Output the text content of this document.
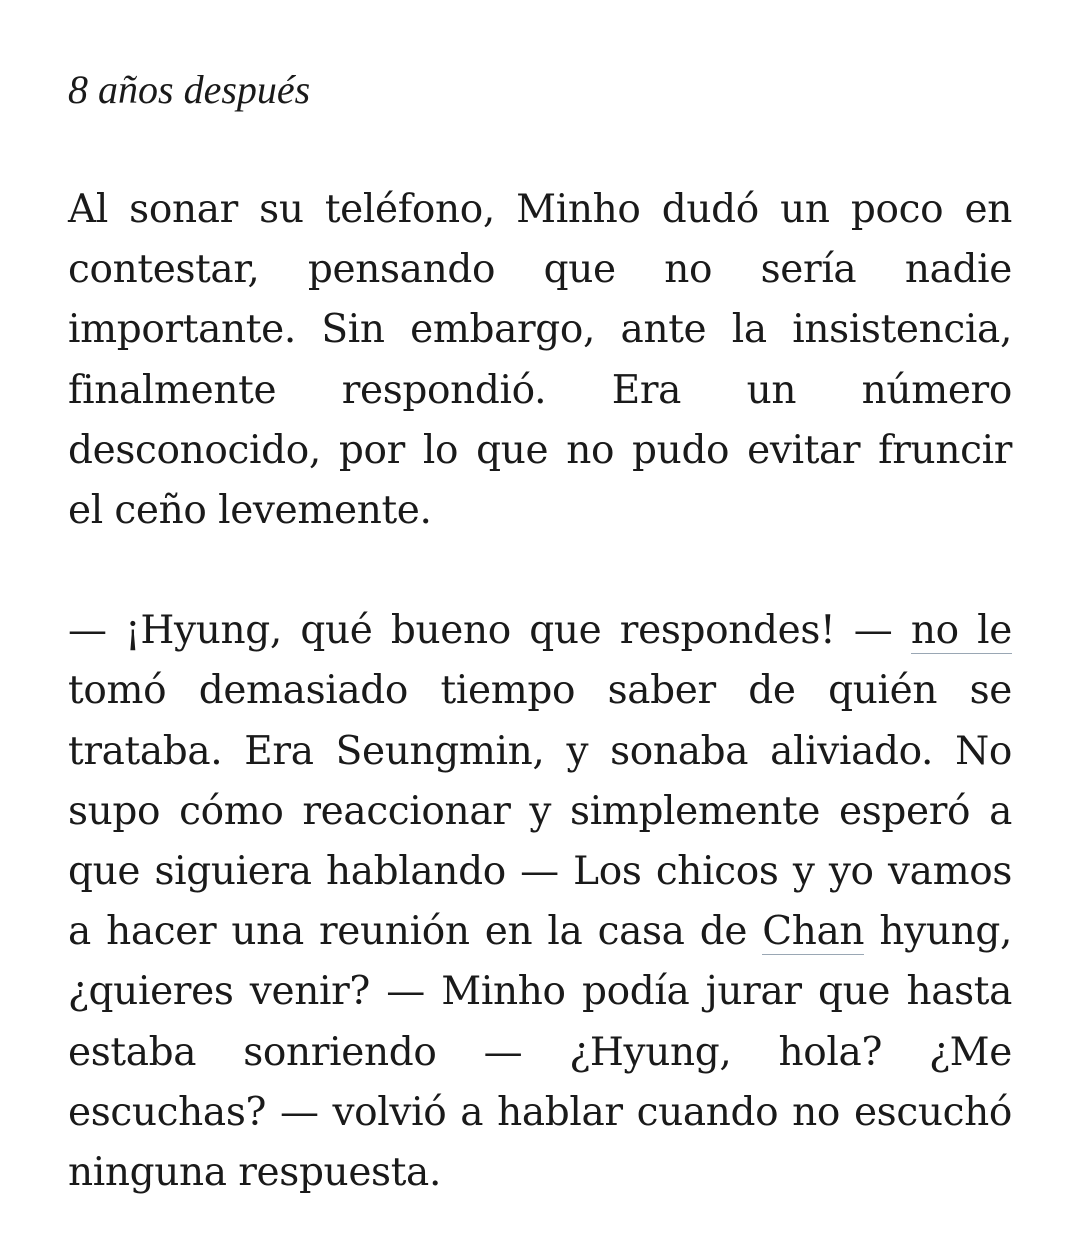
8 años después

Al sonar su teléfono, Minho dudó un poco en contestar, pensando que no sería nadie importante. Sin embargo, ante la insistencia, finalmente respondió. Era un número desconocido, por lo que no pudo evitar fruncir el ceño levemente.

— ¡Hyung, qué bueno que respondes! — no le tomó demasiado tiempo saber de quién se trataba. Era Seungmin, y sonaba aliviado. No supo cómo reaccionar y simplemente esperó a que siguiera hablando — Los chicos y yo vamos a hacer una reunión en la casa de Chan hyung, ¿quieres venir? — Minho podía jurar que hasta estaba sonriendo — ¿Hyung, hola? ¿Me escuchas? — volvió a hablar cuando no escuchó ninguna respuesta.
